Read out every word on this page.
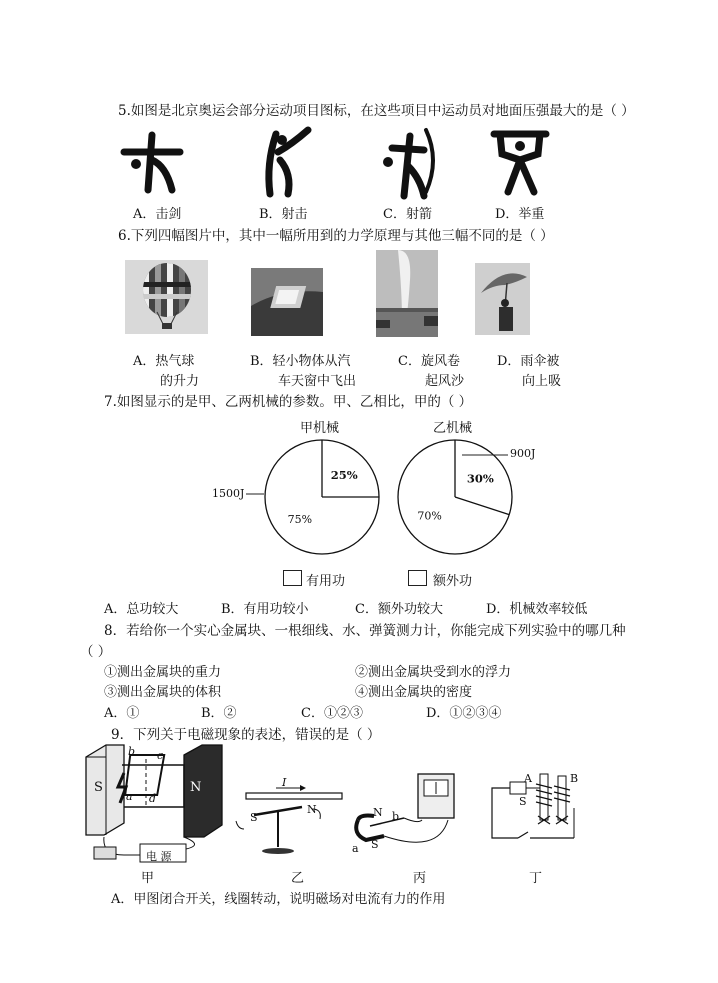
5.如图是北京奥运会部分运动项目图标，在这些项目中运动员对地面压强最大的是（ ）
A．击剑	B．射击	C．射箭	D．举重
6.下列四幅图片中，其中一幅所用到的力学原理与其他三幅不同的是（ ）
A．热气球
的升力
B．轻小物体从汽
车天窗中飞出
C．旋风卷
起风沙
D．雨伞被
向上吸
7.如图显示的是甲、乙两机械的参数。甲、乙相比，甲的（ ）
甲机械	乙机械
25%
75%
30%
70%
1500J
900J
有用功	额外功
A．总功较大	B．有用功较小	C．额外功较大	D．机械效率较低
8．若给你一个实心金属块、一根细线、水、弹簧测力计，你能完成下列实验中的哪几种
（ ）
①测出金属块的重力	②测出金属块受到水的浮力
③测出金属块的体积	④测出金属块的密度
A．①	B．②	C．①②③	D．①②③④
9．下列关于电磁现象的表述，错误的是（ ）
S	N
b c
a d
电 源
I
S
N	N
S
b
a
S
A	B
甲	乙	丙	丁
A．甲图闭合开关，线圈转动，说明磁场对电流有力的作用
